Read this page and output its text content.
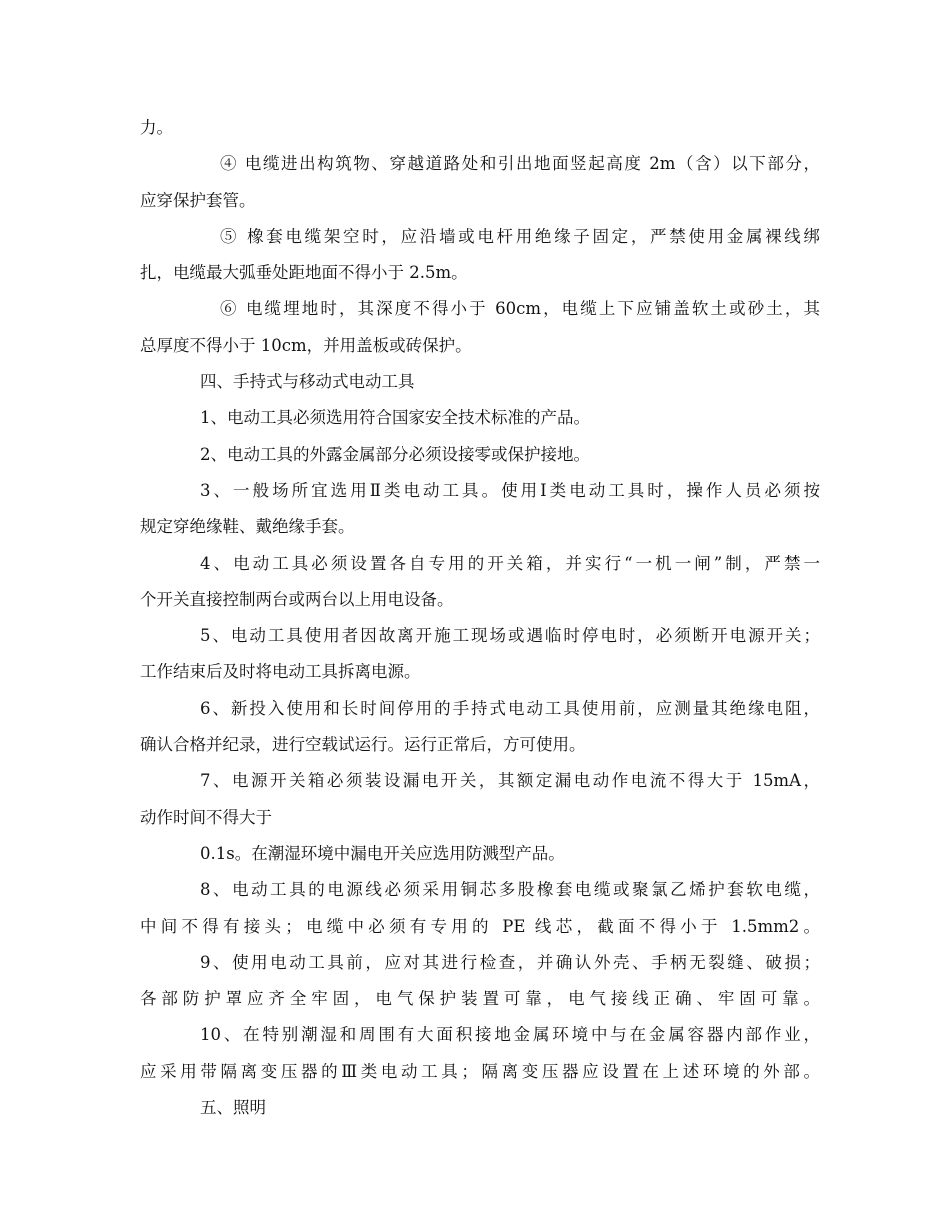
力。
④ 电缆进出构筑物、穿越道路处和引出地面竖起高度 2m（含）以下部分，
应穿保护套管。
⑤ 橡套电缆架空时，应沿墙或电杆用绝缘子固定，严禁使用金属裸线绑
扎，电缆最大弧垂处距地面不得小于 2.5m。
⑥ 电缆埋地时，其深度不得小于 60cm，电缆上下应铺盖软土或砂土，其
总厚度不得小于 10cm，并用盖板或砖保护。
四、手持式与移动式电动工具
1、电动工具必须选用符合国家安全技术标准的产品。
2、电动工具的外露金属部分必须设接零或保护接地。
3、一般场所宜选用Ⅱ类电动工具。使用Ⅰ类电动工具时，操作人员必须按
规定穿绝缘鞋、戴绝缘手套。
4、电动工具必须设置各自专用的开关箱，并实行“一机一闸”制，严禁一
个开关直接控制两台或两台以上用电设备。
5、电动工具使用者因故离开施工现场或遇临时停电时，必须断开电源开关；
工作结束后及时将电动工具拆离电源。
6、新投入使用和长时间停用的手持式电动工具使用前，应测量其绝缘电阻，
确认合格并纪录，进行空载试运行。运行正常后，方可使用。
7、电源开关箱必须装设漏电开关，其额定漏电动作电流不得大于 15mA，
动作时间不得大于
0.1s。在潮湿环境中漏电开关应选用防溅型产品。
8、电动工具的电源线必须采用铜芯多股橡套电缆或聚氯乙烯护套软电缆，
中间不得有接头；电缆中必须有专用的 PE 线芯，截面不得小于 1.5mm2。
9、使用电动工具前，应对其进行检查，并确认外壳、手柄无裂缝、破损；
各部防护罩应齐全牢固，电气保护装置可靠，电气接线正确、牢固可靠。
10、在特别潮湿和周围有大面积接地金属环境中与在金属容器内部作业，
应采用带隔离变压器的Ⅲ类电动工具；隔离变压器应设置在上述环境的外部。
五、照明
